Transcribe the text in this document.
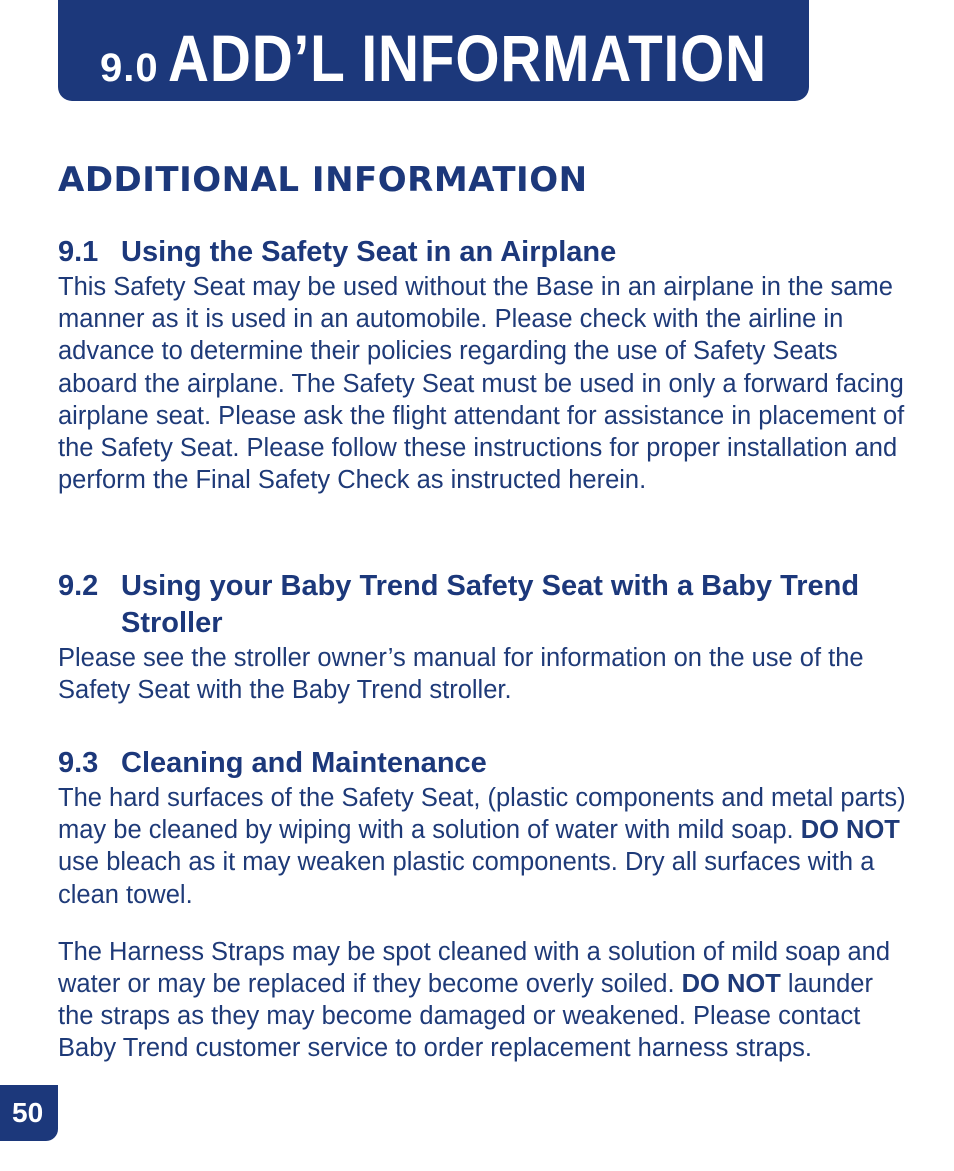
9.0 ADD’L INFORMATION
ADDITIONAL INFORMATION
9.1 Using the Safety Seat in an Airplane

This Safety Seat may be used without the Base in an airplane in the same manner as it is used in an automobile. Please check with the airline in advance to determine their policies regarding the use of Safety Seats aboard the airplane. The Safety Seat must be used in only a forward facing airplane seat. Please ask the flight attendant for assistance in placement of the Safety Seat. Please follow these instructions for proper installation and perform the Final Safety Check as instructed herein.

9.2 Using your Baby Trend Safety Seat with a Baby Trend Stroller

Please see the stroller owner’s manual for information on the use of the Safety Seat with the Baby Trend stroller.

9.3 Cleaning and Maintenance

The hard surfaces of the Safety Seat, (plastic components and metal parts) may be cleaned by wiping with a solution of water with mild soap. DO NOT use bleach as it may weaken plastic components. Dry all surfaces with a clean towel.

The Harness Straps may be spot cleaned with a solution of mild soap and water or may be replaced if they become overly soiled. DO NOT launder the straps as they may become damaged or weakened. Please contact Baby Trend customer service to order replacement harness straps.

50
